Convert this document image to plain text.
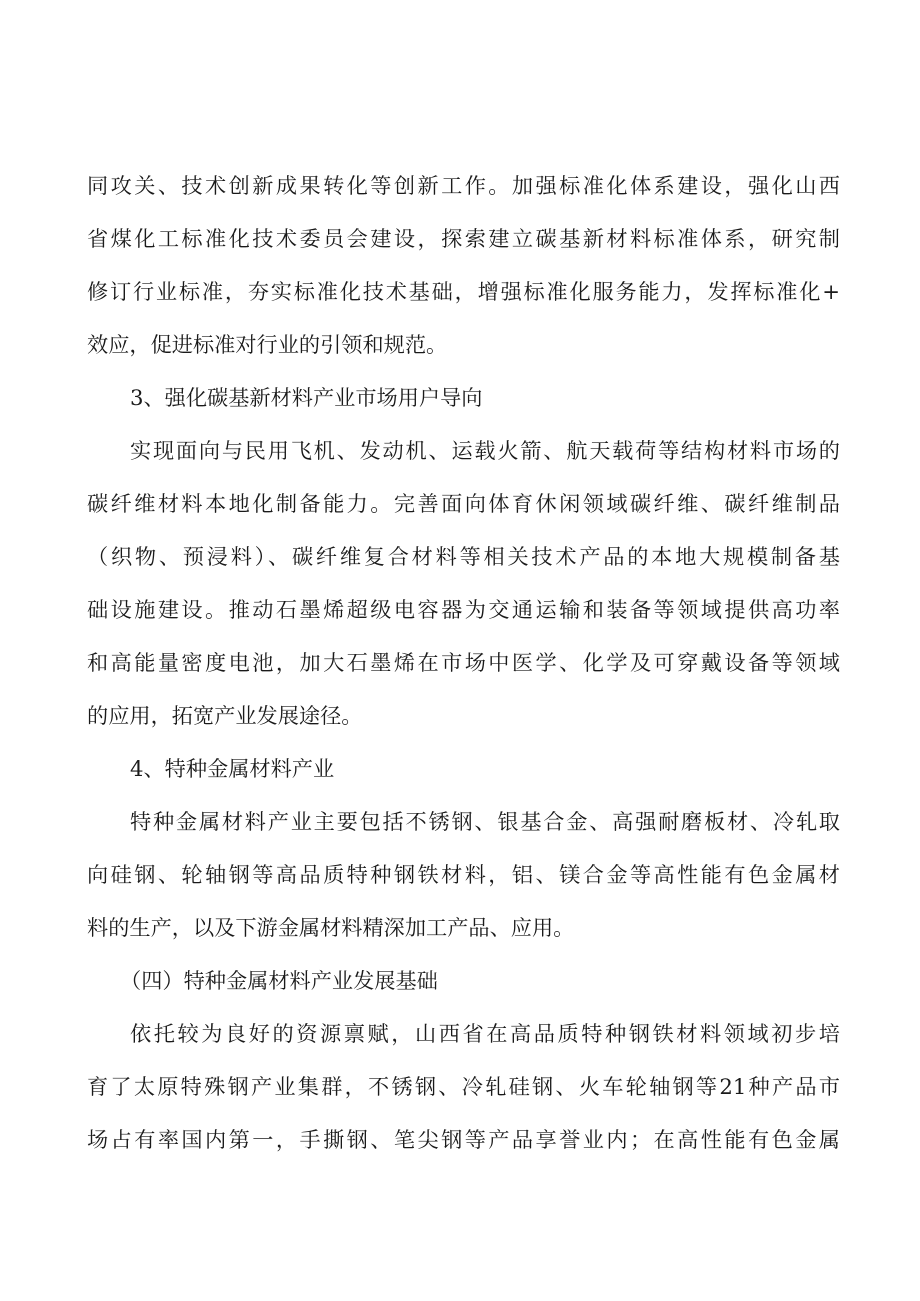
同攻关、技术创新成果转化等创新工作。加强标准化体系建设，强化山西
省煤化工标准化技术委员会建设，探索建立碳基新材料标准体系，研究制
修订行业标准，夯实标准化技术基础，增强标准化服务能力，发挥标准化+
效应，促进标准对行业的引领和规范。
3、强化碳基新材料产业市场用户导向
实现面向与民用飞机、发动机、运载火箭、航天载荷等结构材料市场的
碳纤维材料本地化制备能力。完善面向体育休闲领域碳纤维、碳纤维制品
（织物、预浸料）、碳纤维复合材料等相关技术产品的本地大规模制备基
础设施建设。推动石墨烯超级电容器为交通运输和装备等领域提供高功率
和高能量密度电池，加大石墨烯在市场中医学、化学及可穿戴设备等领域
的应用，拓宽产业发展途径。
4、特种金属材料产业
特种金属材料产业主要包括不锈钢、银基合金、高强耐磨板材、冷轧取
向硅钢、轮轴钢等高品质特种钢铁材料，铝、镁合金等高性能有色金属材
料的生产，以及下游金属材料精深加工产品、应用。
（四）特种金属材料产业发展基础
依托较为良好的资源禀赋，山西省在高品质特种钢铁材料领域初步培
育了太原特殊钢产业集群，不锈钢、冷轧硅钢、火车轮轴钢等21种产品市
场占有率国内第一，手撕钢、笔尖钢等产品享誉业内；在高性能有色金属
